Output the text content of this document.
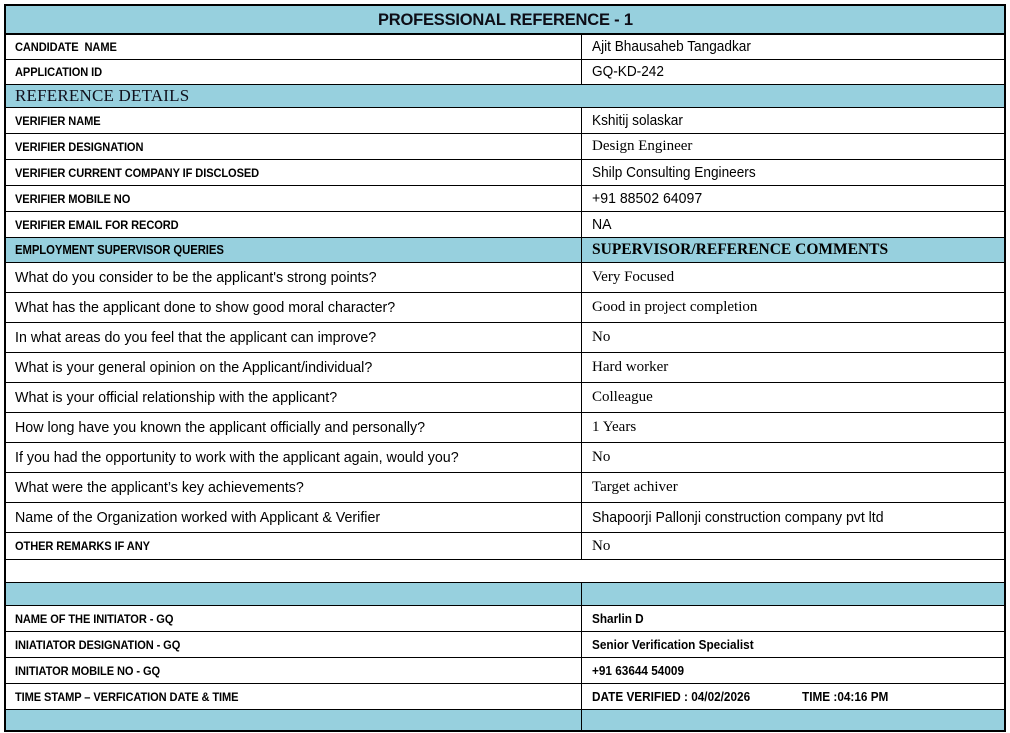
PROFESSIONAL REFERENCE - 1
CANDIDATE  NAME	Ajit Bhausaheb Tangadkar
APPLICATION ID	GQ-KD-242
REFERENCE DETAILS
VERIFIER NAME	Kshitij solaskar
VERIFIER DESIGNATION	Design Engineer
VERIFIER CURRENT COMPANY IF DISCLOSED	Shilp Consulting Engineers
VERIFIER MOBILE NO	+91 88502 64097
VERIFIER EMAIL FOR RECORD	NA
EMPLOYMENT SUPERVISOR QUERIES	SUPERVISOR/REFERENCE COMMENTS
What do you consider to be the applicant's strong points?	Very Focused
What has the applicant done to show good moral character?	Good in project completion
In what areas do you feel that the applicant can improve?	No
What is your general opinion on the Applicant/individual?	Hard worker
What is your official relationship with the applicant?	Colleague
How long have you known the applicant officially and personally?	1 Years
If you had the opportunity to work with the applicant again, would you?	No
What were the applicant’s key achievements?	Target achiver
Name of the Organization worked with Applicant & Verifier	Shapoorji Pallonji construction company pvt ltd
OTHER REMARKS IF ANY	No
NAME OF THE INITIATOR - GQ	Sharlin D
INIATIATOR DESIGNATION - GQ	Senior Verification Specialist
INITIATOR MOBILE NO - GQ	+91 63644 54009
TIME STAMP – VERFICATION DATE & TIME	DATE VERIFIED : 04/02/2026	TIME :04:16 PM
